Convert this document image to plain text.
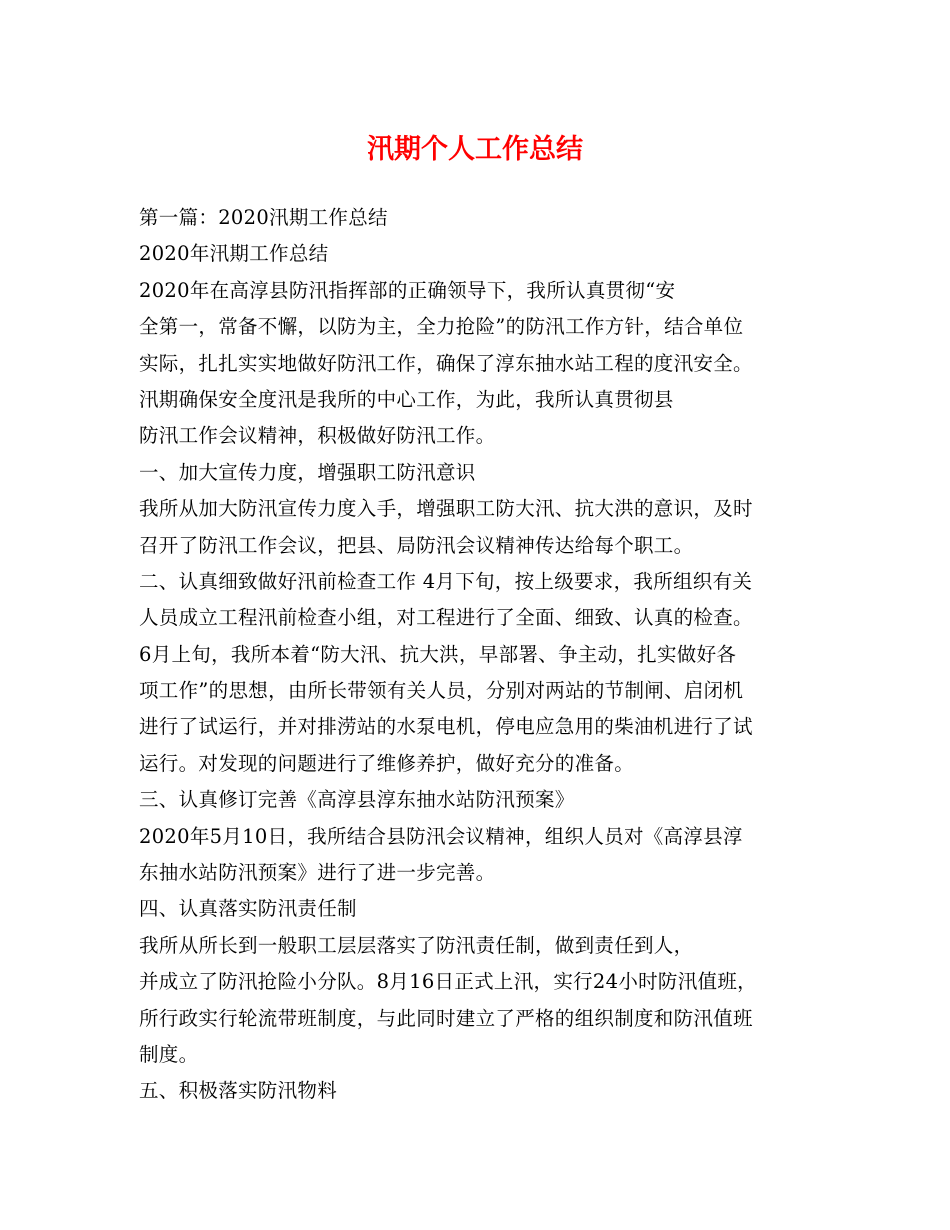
汛期个人工作总结
第一篇：2020汛期工作总结
2020年汛期工作总结
2020年在高淳县防汛指挥部的正确领导下，我所认真贯彻“安
全第一，常备不懈，以防为主，全力抢险”的防汛工作方针，结合单位
实际，扎扎实实地做好防汛工作，确保了淳东抽水站工程的度汛安全。
汛期确保安全度汛是我所的中心工作，为此，我所认真贯彻县
防汛工作会议精神，积极做好防汛工作。
一、加大宣传力度，增强职工防汛意识
我所从加大防汛宣传力度入手，增强职工防大汛、抗大洪的意识，及时
召开了防汛工作会议，把县、局防汛会议精神传达给每个职工。
二、认真细致做好汛前检查工作 4月下旬，按上级要求，我所组织有关
人员成立工程汛前检查小组，对工程进行了全面、细致、认真的检查。
6月上旬，我所本着“防大汛、抗大洪，早部署、争主动，扎实做好各
项工作”的思想，由所长带领有关人员，分别对两站的节制闸、启闭机
进行了试运行，并对排涝站的水泵电机，停电应急用的柴油机进行了试
运行。对发现的问题进行了维修养护，做好充分的准备。
三、认真修订完善《高淳县淳东抽水站防汛预案》
2020年5月10日，我所结合县防汛会议精神，组织人员对《高淳县淳
东抽水站防汛预案》进行了进一步完善。
四、认真落实防汛责任制
我所从所长到一般职工层层落实了防汛责任制，做到责任到人，
并成立了防汛抢险小分队。8月16日正式上汛，实行24小时防汛值班，
所行政实行轮流带班制度，与此同时建立了严格的组织制度和防汛值班
制度。
五、积极落实防汛物料
